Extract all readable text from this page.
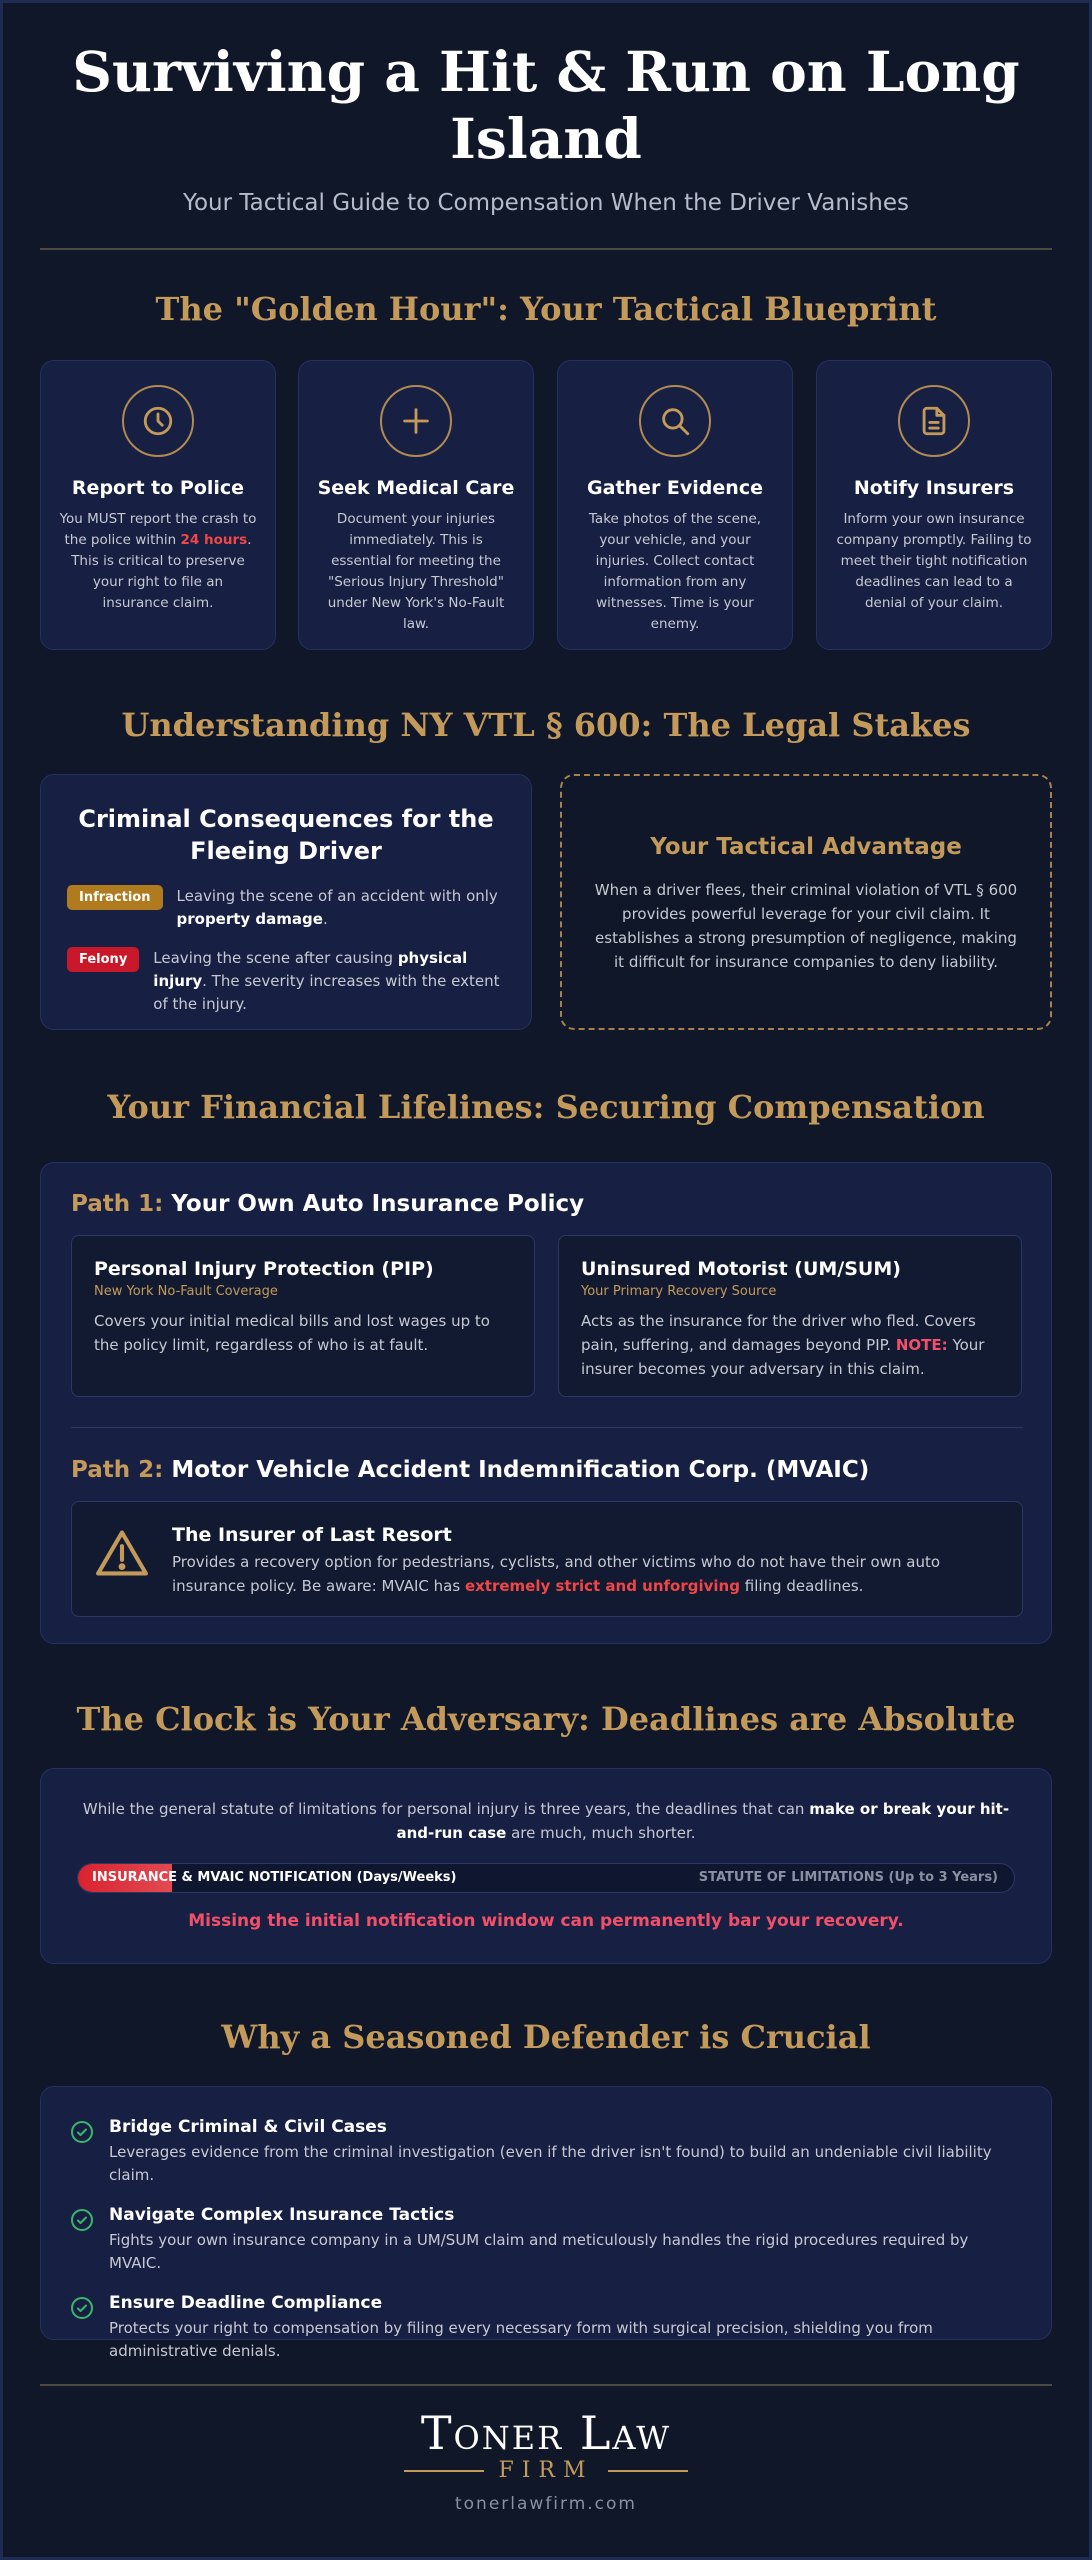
Surviving a Hit & Run on Long Island
Your Tactical Guide to Compensation When the Driver Vanishes
The "Golden Hour": Your Tactical Blueprint
Report to Police

You MUST report the crash to the police within 24 hours. This is critical to preserve your right to file an insurance claim.

Seek Medical Care

Document your injuries immediately. This is essential for meeting the "Serious Injury Threshold" under New York's No-Fault law.

Gather Evidence

Take photos of the scene, your vehicle, and your injuries. Collect contact information from any witnesses. Time is your enemy.

Notify Insurers

Inform your own insurance company promptly. Failing to meet their tight notification deadlines can lead to a denial of your claim.

Understanding NY VTL § 600: The Legal Stakes
Criminal Consequences for the Fleeing Driver
Infraction	Leaving the scene of an accident with only property damage.

Felony	Leaving the scene after causing physical injury. The severity increases with the extent of the injury.

Your Tactical Advantage

When a driver flees, their criminal violation of VTL § 600 provides powerful leverage for your civil claim. It establishes a strong presumption of negligence, making it difficult for insurance companies to deny liability.

Your Financial Lifelines: Securing Compensation
Path 1: Your Own Auto Insurance Policy
Personal Injury Protection (PIP)
New York No-Fault Coverage

Covers your initial medical bills and lost wages up to the policy limit, regardless of who is at fault.

Uninsured Motorist (UM/SUM)
Your Primary Recovery Source

Acts as the insurance for the driver who fled. Covers pain, suffering, and damages beyond PIP. NOTE: Your insurer becomes your adversary in this claim.

Path 2: Motor Vehicle Accident Indemnification Corp. (MVAIC)
The Insurer of Last Resort

Provides a recovery option for pedestrians, cyclists, and other victims who do not have their own auto insurance policy. Be aware: MVAIC has extremely strict and unforgiving filing deadlines.

The Clock is Your Adversary: Deadlines are Absolute

While the general statute of limitations for personal injury is three years, the deadlines that can make or break your hit-and-run case are much, much shorter.

INSURANCE & MVAIC NOTIFICATION (Days/Weeks)	STATUTE OF LIMITATIONS (Up to 3 Years)

Missing the initial notification window can permanently bar your recovery.

Why a Seasoned Defender is Crucial
Bridge Criminal & Civil Cases

Leverages evidence from the criminal investigation (even if the driver isn't found) to build an undeniable civil liability claim.

Navigate Complex Insurance Tactics

Fights your own insurance company in a UM/SUM claim and meticulously handles the rigid procedures required by MVAIC.

Ensure Deadline Compliance

Protects your right to compensation by filing every necessary form with surgical precision, shielding you from administrative denials.

Toner Law
FIRM
tonerlawfirm.com
